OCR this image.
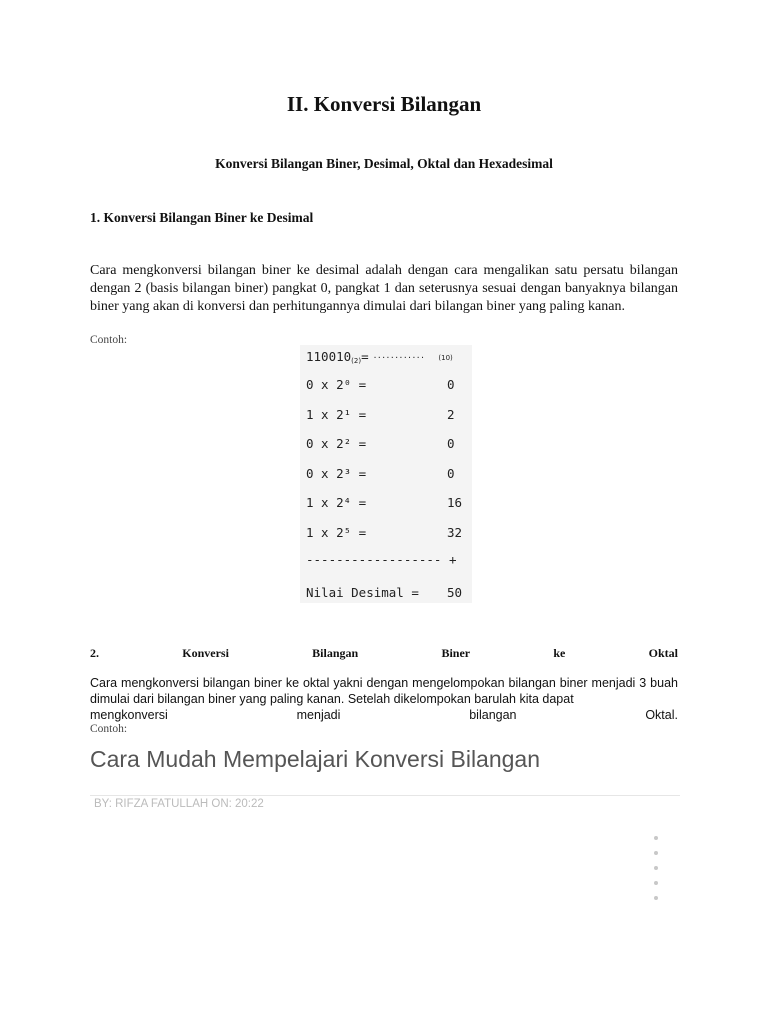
II. Konversi Bilangan
Konversi Bilangan Biner, Desimal, Oktal dan Hexadesimal
1. Konversi Bilangan Biner ke Desimal

Cara mengkonversi bilangan biner ke desimal adalah dengan cara mengalikan satu persatu bilangan dengan 2 (basis bilangan biner) pangkat 0, pangkat 1 dan seterusnya sesuai dengan banyaknya bilangan biner yang akan di konversi dan perhitungannya dimulai dari bilangan biner yang paling kanan.

Contoh:

$110010_{(2)}= ^{............}$ (10)
0 x 2⁰ =	0
1 x 2¹ =	2
0 x 2² =	0
0 x 2³ =	0
1 x 2⁴ =	16
1 x 2⁵ =	32
------------------ +
Nilai Desimal = 50
2.	Konversi	Bilangan	Biner	ke	Oktal
Cara mengkonversi bilangan biner ke oktal yakni dengan mengelompokan bilangan biner menjadi 3 buah dimulai dari bilangan biner yang paling kanan. Setelah dikelompokan barulah kita dapat
mengkonversi	menjadi	bilangan	Oktal.

Contoh:

Cara Mudah Mempelajari Konversi Bilangan

BY: RIFZA FATULLAH ON: 20:22
